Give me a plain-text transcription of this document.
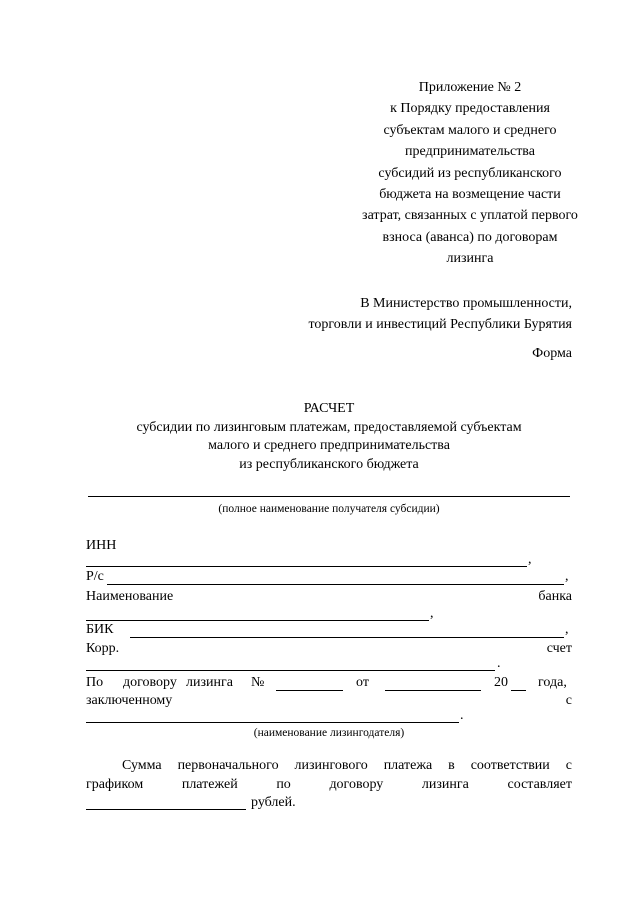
Приложение № 2
к Порядку предоставления
субъектам малого и среднего
предпринимательства
субсидий из республиканского
бюджета на возмещение части
затрат, связанных с уплатой первого
взноса (аванса) по договорам
лизинга
В Министерство промышленности,
торговли и инвестиций Республики Бурятия
Форма
РАСЧЕТ
субсидии по лизинговым платежам, предоставляемой субъектам
малого и среднего предпринимательства
из республиканского бюджета
(полное наименование получателя субсидии)
ИНН
,
Р/с	,
Наименование	банка
,
БИК	,
Корр.	счет
.
По договору лизинга №	от	20 года,
заключенному	с
.
(наименование лизингодателя)
Сумма первоначального лизингового платежа в соответствии с
графиком	платежей	по	договору	лизинга	составляет
рублей.
